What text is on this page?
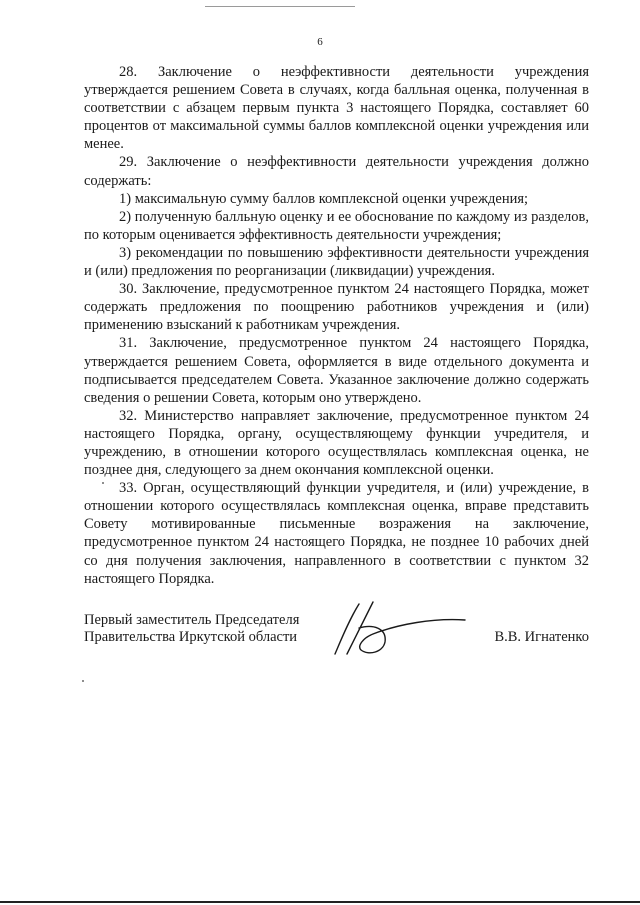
6

28. Заключение о неэффективности деятельности учреждения утверждается решением Совета в случаях, когда балльная оценка, полученная в соответствии с абзацем первым пункта 3 настоящего Порядка, составляет 60 процентов от максимальной суммы баллов комплексной оценки учреждения или менее.

29. Заключение о неэффективности деятельности учреждения должно содержать:

1) максимальную сумму баллов комплексной оценки учреждения;

2) полученную балльную оценку и ее обоснование по каждому из разделов, по которым оценивается эффективность деятельности учреждения;

3) рекомендации по повышению эффективности деятельности учреждения и (или) предложения по реорганизации (ликвидации) учреждения.

30. Заключение, предусмотренное пунктом 24 настоящего Порядка, может содержать предложения по поощрению работников учреждения и (или) применению взысканий к работникам учреждения.

31. Заключение, предусмотренное пунктом 24 настоящего Порядка, утверждается решением Совета, оформляется в виде отдельного документа и подписывается председателем Совета. Указанное заключение должно содержать сведения о решении Совета, которым оно утверждено.

32. Министерство направляет заключение, предусмотренное пунктом 24 настоящего Порядка, органу, осуществляющему функции учредителя, и учреждению, в отношении которого осуществлялась комплексная оценка, не позднее дня, следующего за днем окончания комплексной оценки.

33. Орган, осуществляющий функции учредителя, и (или) учреждение, в отношении которого осуществлялась комплексная оценка, вправе представить Совету мотивированные письменные возражения на заключение, предусмотренное пунктом 24 настоящего Порядка, не позднее 10 рабочих дней со дня получения заключения, направленного в соответствии с пунктом 32 настоящего Порядка.

Первый заместитель Председателя
Правительства Иркутской области	В.В. Игнатенко
